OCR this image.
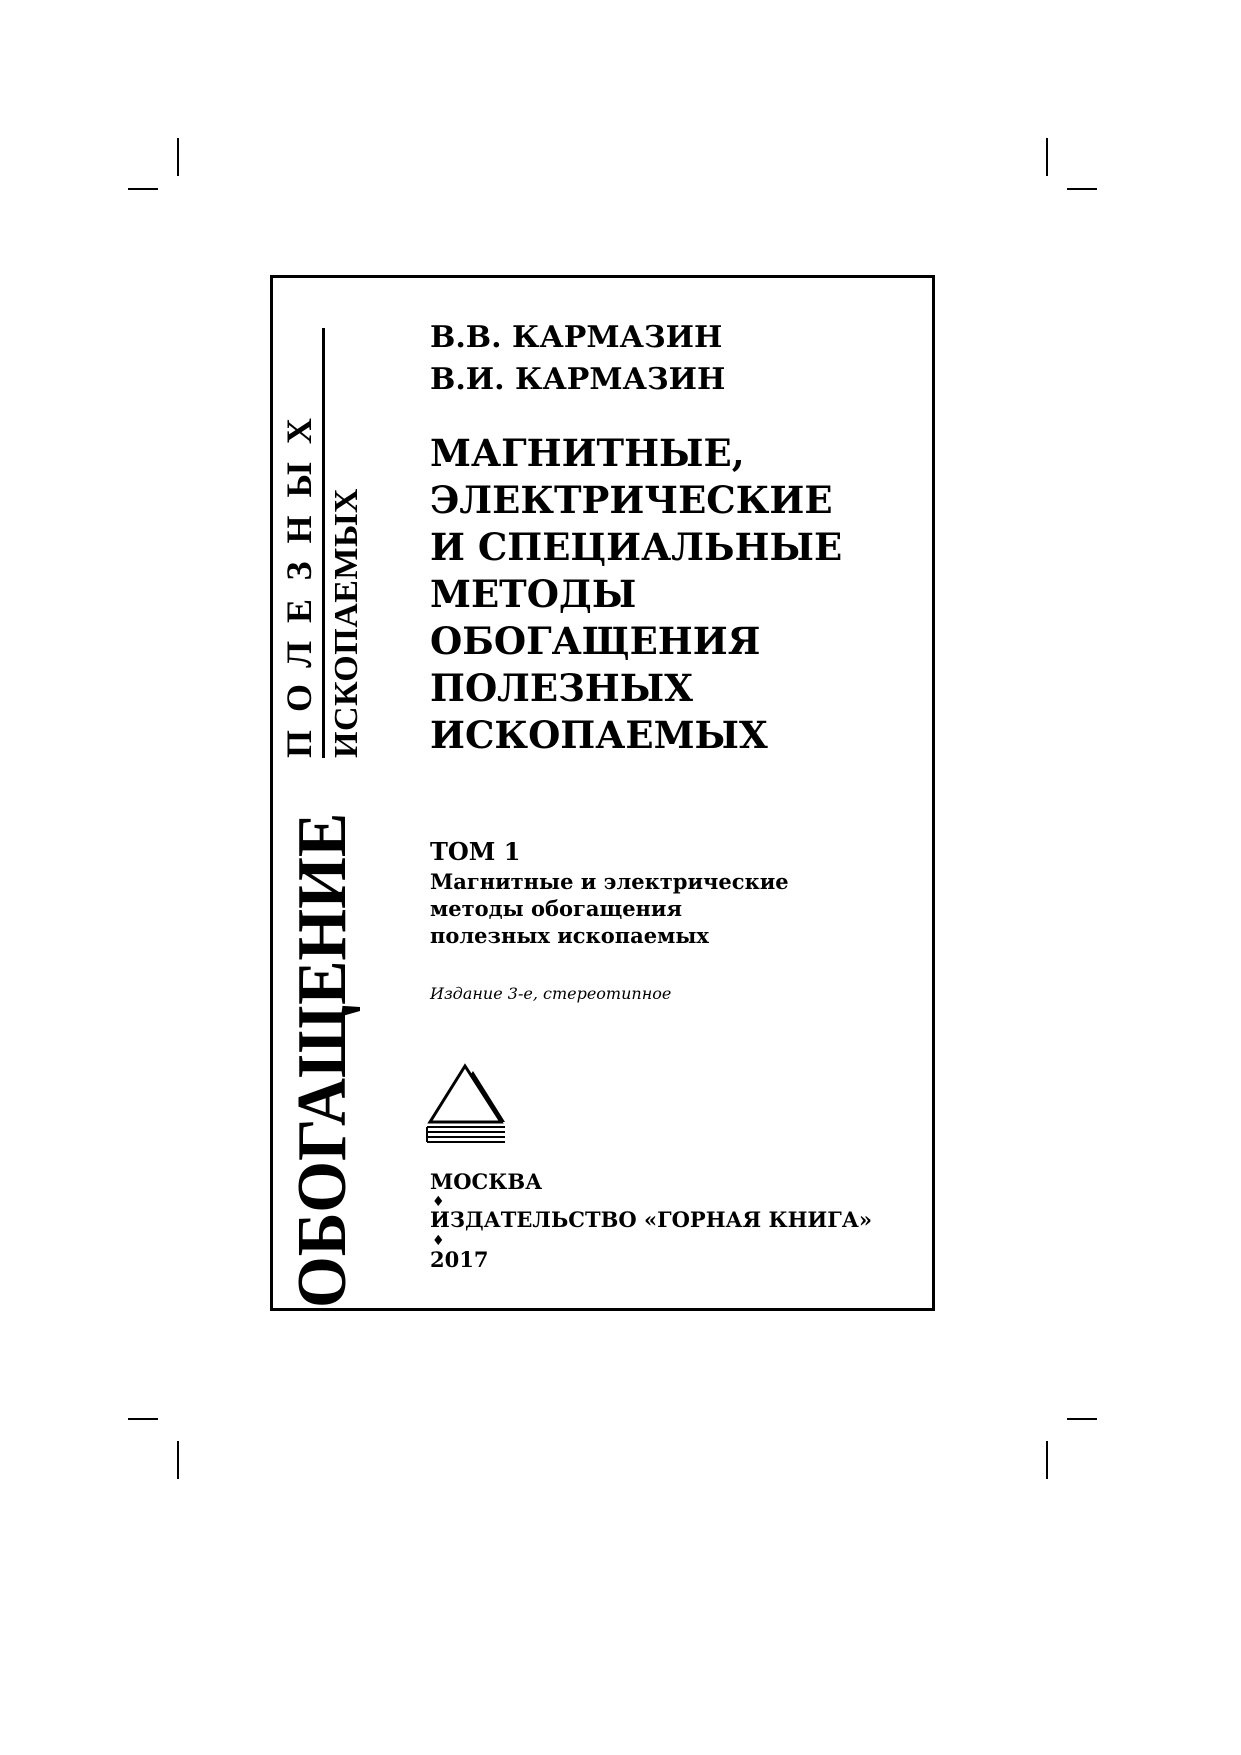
ОБОГАЩЕНИЕ
ПОЛЕЗНЫХ ИСКОПАЕМЫХ
В.В. КАРМАЗИН
В.И. КАРМАЗИН
МАГНИТНЫЕ,
ЭЛЕКТРИЧЕСКИЕ
И СПЕЦИАЛЬНЫЕ
МЕТОДЫ
ОБОГАЩЕНИЯ
ПОЛЕЗНЫХ
ИСКОПАЕМЫХ
ТОМ 1
Магнитные и электрические
методы обогащения
полезных ископаемых
Издание 3-е, стереотипное
МОСКВА
♦
ИЗДАТЕЛЬСТВО «ГОРНАЯ КНИГА»
♦
2017
